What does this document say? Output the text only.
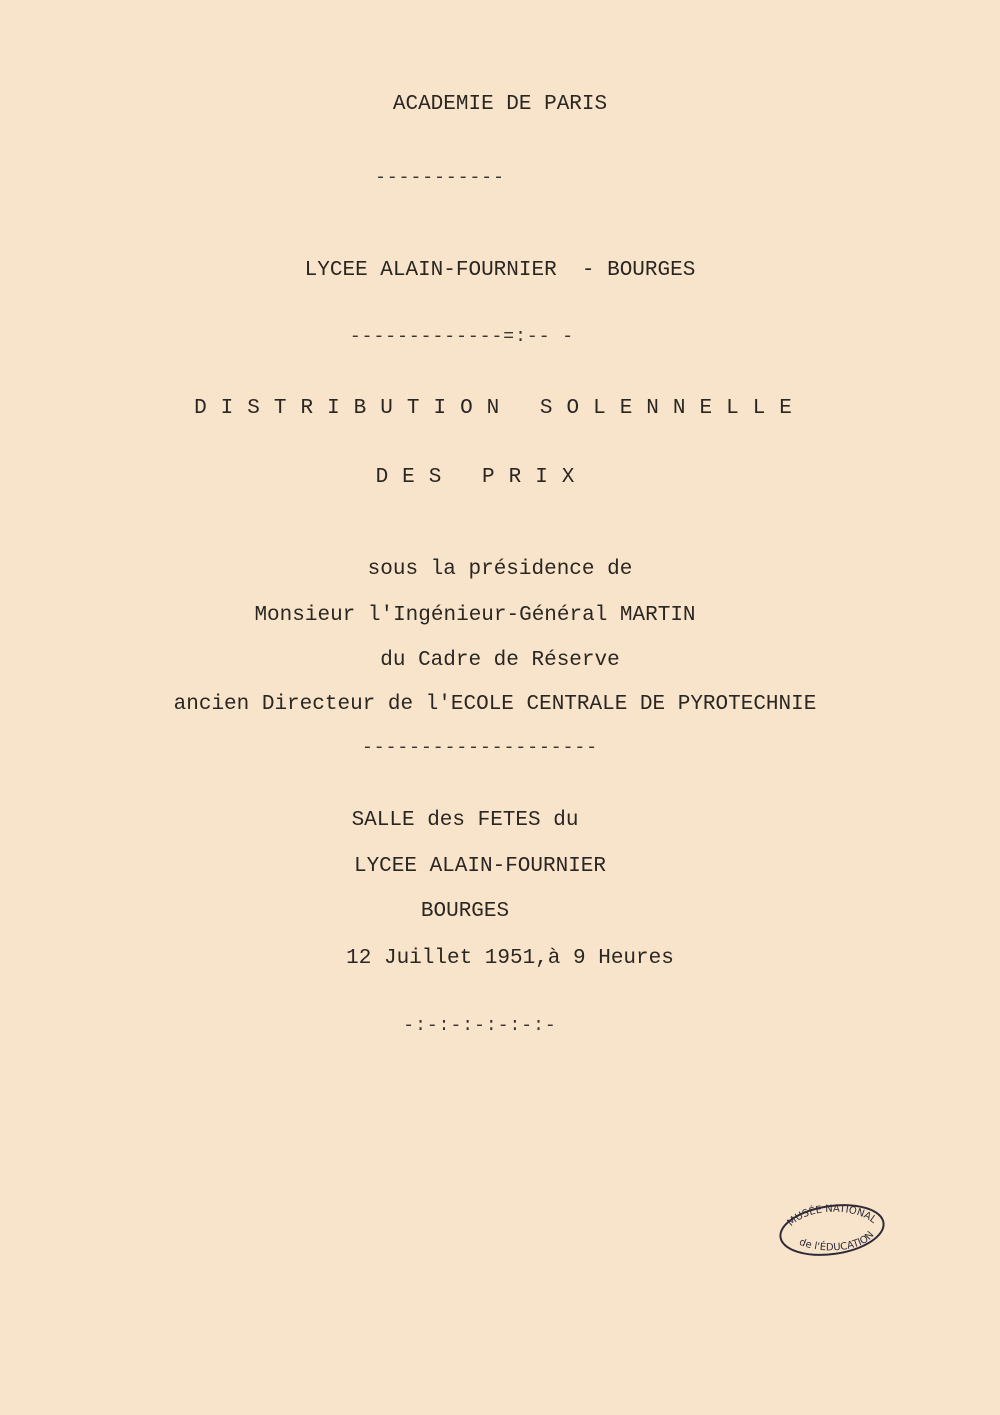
ACADEMIE DE PARIS
-----------
LYCEE ALAIN-FOURNIER  - BOURGES
-------------=:-- -
DISTRIBUTION SOLENNELLE
DES PRIX
sous la présidence de
Monsieur l'Ingénieur-Général MARTIN
du Cadre de Réserve
ancien Directeur de l'ECOLE CENTRALE DE PYROTECHNIE
--------------------
SALLE des FETES du
LYCEE ALAIN-FOURNIER
BOURGES
12 Juillet 1951,à 9 Heures
-:-:-:-:-:-:-
MUSÉE NATIONAL
de l'ÉDUCATION
